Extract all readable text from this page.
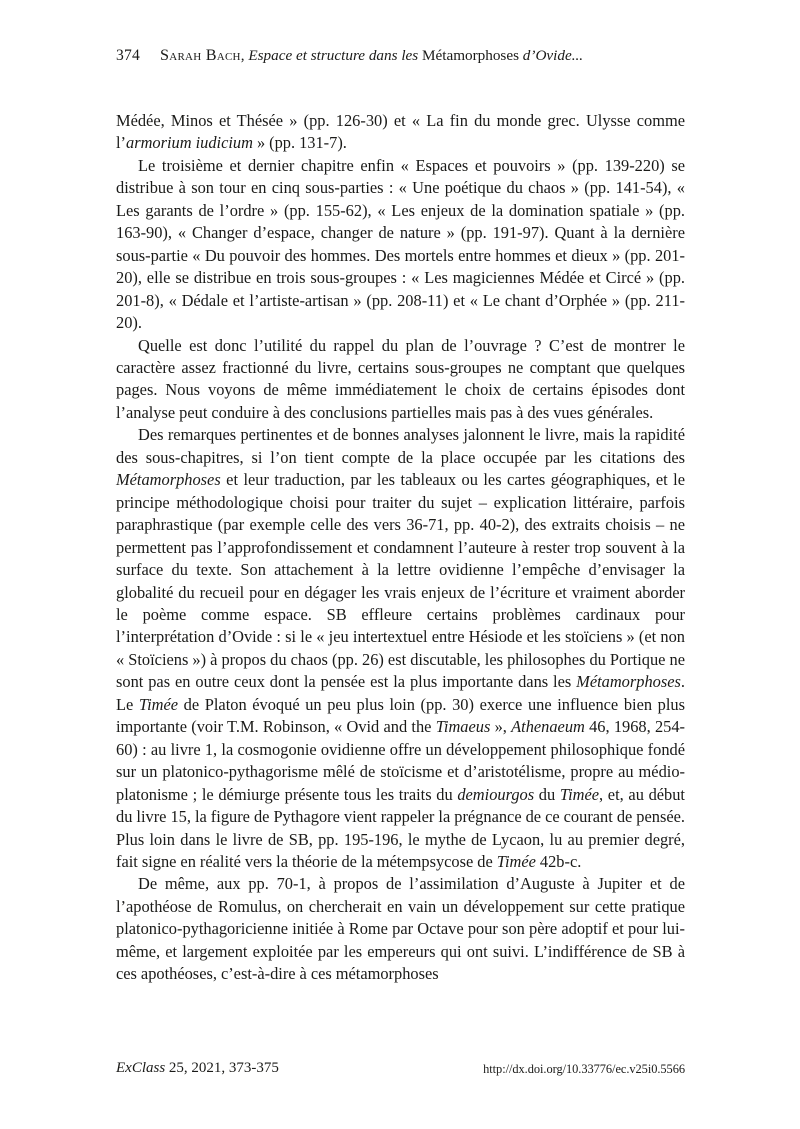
374 Sarah Bach, Espace et structure dans les Métamorphoses d’Ovide...

Médée, Minos et Thésée » (pp. 126-30) et « La fin du monde grec. Ulysse comme l’armorium iudicium » (pp. 131-7).

Le troisième et dernier chapitre enfin « Espaces et pouvoirs » (pp. 139-220) se distribue à son tour en cinq sous-parties : « Une poétique du chaos » (pp. 141-54), « Les garants de l’ordre » (pp. 155-62), « Les enjeux de la domination spatiale » (pp. 163-90), « Changer d’espace, changer de nature » (pp. 191-97). Quant à la dernière sous-partie « Du pouvoir des hommes. Des mortels entre hommes et dieux » (pp. 201-20), elle se distribue en trois sous-groupes : « Les magiciennes Médée et Circé » (pp. 201-8), « Dédale et l’artiste-artisan » (pp. 208-11) et « Le chant d’Orphée » (pp. 211-20).

Quelle est donc l’utilité du rappel du plan de l’ouvrage ? C’est de montrer le caractère assez fractionné du livre, certains sous-groupes ne comptant que quelques pages. Nous voyons de même immédiatement le choix de certains épisodes dont l’analyse peut conduire à des conclusions partielles mais pas à des vues générales.

Des remarques pertinentes et de bonnes analyses jalonnent le livre, mais la rapidité des sous-chapitres, si l’on tient compte de la place occupée par les citations des Métamorphoses et leur traduction, par les tableaux ou les cartes géographiques, et le principe méthodologique choisi pour traiter du sujet – explication littéraire, parfois paraphrastique (par exemple celle des vers 36-71, pp. 40-2), des extraits choisis – ne permettent pas l’approfondissement et condamnent l’auteure à rester trop souvent à la surface du texte. Son attachement à la lettre ovidienne l’empêche d’envisager la globalité du recueil pour en dégager les vrais enjeux de l’écriture et vraiment aborder le poème comme espace. SB effleure certains problèmes cardinaux pour l’interprétation d’Ovide : si le « jeu intertextuel entre Hésiode et les stoïciens » (et non « Stoïciens ») à propos du chaos (pp. 26) est discutable, les philosophes du Portique ne sont pas en outre ceux dont la pensée est la plus importante dans les Métamorphoses. Le Timée de Platon évoqué un peu plus loin (pp. 30) exerce une influence bien plus importante (voir T.M. Robinson, « Ovid and the Timaeus », Athenaeum 46, 1968, 254-60) : au livre 1, la cosmogonie ovidienne offre un développement philosophique fondé sur un platonico-pythagorisme mêlé de stoïcisme et d’aristotélisme, propre au médio-platonisme ; le démiurge présente tous les traits du demiourgos du Timée, et, au début du livre 15, la figure de Pythagore vient rappeler la prégnance de ce courant de pensée. Plus loin dans le livre de SB, pp. 195-196, le mythe de Lycaon, lu au premier degré, fait signe en réalité vers la théorie de la métempsycose de Timée 42b-c.

De même, aux pp. 70-1, à propos de l’assimilation d’Auguste à Jupiter et de l’apothéose de Romulus, on chercherait en vain un développement sur cette pratique platonico-pythagoricienne initiée à Rome par Octave pour son père adoptif et pour lui-même, et largement exploitée par les empereurs qui ont suivi. L’indifférence de SB à ces apothéoses, c’est-à-dire à ces métamorphoses

ExClass 25, 2021, 373-375	http://dx.doi.org/10.33776/ec.v25i0.5566
